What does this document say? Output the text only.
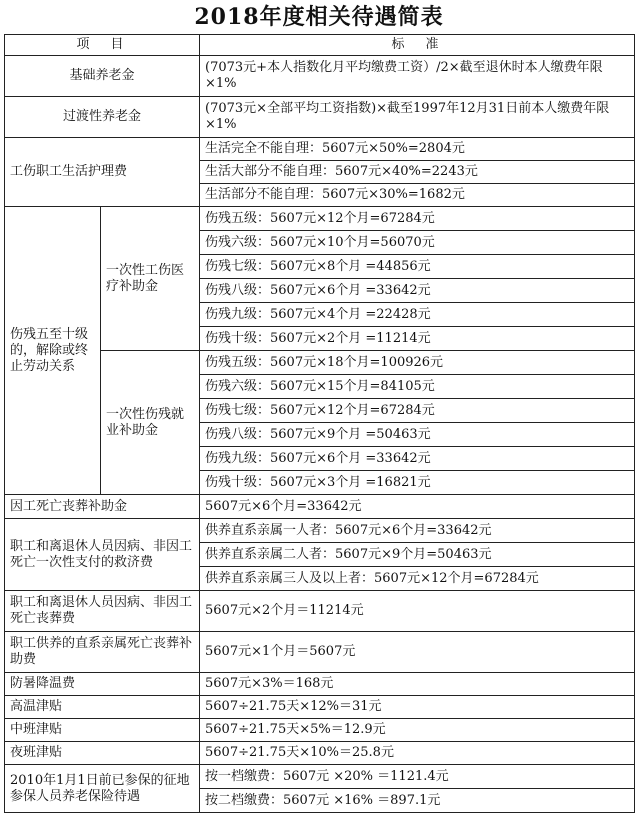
2018年度相关待遇简表
项　目		标　准
基础养老金		(7073元+本人指数化月平均缴费工资）/2×截至退休时本人缴费年限×1%
过渡性养老金		(7073元×全部平均工资指数)×截至1997年12月31日前本人缴费年限×1%
工伤职工生活护理费		生活完全不能自理：5607元×50%=2804元
		生活大部分不能自理：5607元×40%=2243元
		生活部分不能自理：5607元×30%=1682元
伤残五至十级的，解除或终止劳动关系	一次性工伤医疗补助金	伤残五级：5607元×12个月=67284元
		伤残六级：5607元×10个月=56070元
		伤残七级：5607元×8个月 =44856元
		伤残八级：5607元×6个月 =33642元
		伤残九级：5607元×4个月 =22428元
		伤残十级：5607元×2个月 =11214元
	一次性伤残就业补助金	伤残五级：5607元×18个月=100926元
		伤残六级：5607元×15个月=84105元
		伤残七级：5607元×12个月=67284元
		伤残八级：5607元×9个月 =50463元
		伤残九级：5607元×6个月 =33642元
		伤残十级：5607元×3个月 =16821元
因工死亡丧葬补助金		5607元×6个月=33642元
职工和离退休人员因病、非因工死亡一次性支付的救济费		供养直系亲属一人者：5607元×6个月=33642元
		供养直系亲属二人者：5607元×9个月=50463元
		供养直系亲属三人及以上者：5607元×12个月=67284元
职工和离退休人员因病、非因工死亡丧葬费		5607元×2个月＝11214元
职工供养的直系亲属死亡丧葬补助费		5607元×1个月＝5607元
防暑降温费		5607元×3%＝168元
高温津贴		5607÷21.75天×12%＝31元
中班津贴		5607÷21.75天×5%＝12.9元
夜班津贴		5607÷21.75天×10%＝25.8元
2010年1月1日前已参保的征地参保人员养老保险待遇		按一档缴费：5607元 ×20% ＝1121.4元
		按二档缴费：5607元 ×16% ＝897.1元
